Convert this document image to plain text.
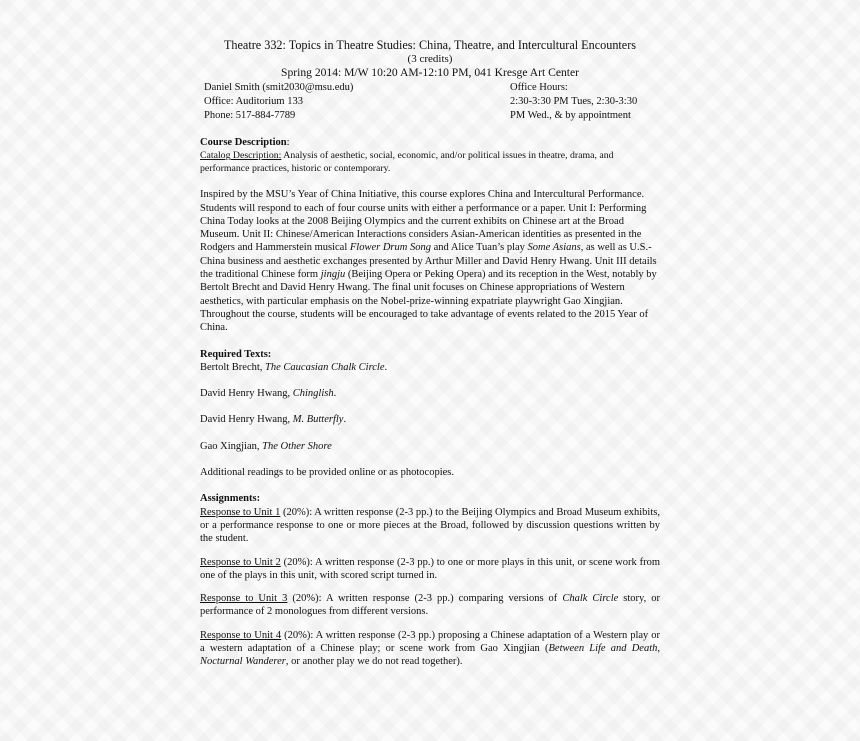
Theatre 332: Topics in Theatre Studies: China, Theatre, and Intercultural Encounters
(3 credits)
Spring 2014: M/W 10:20 AM-12:10 PM, 041 Kresge Art Center
Daniel Smith (smit2030@msu.edu)
Office: Auditorium 133
Phone: 517-884-7789
Office Hours:
2:30-3:30 PM Tues, 2:30-3:30
PM Wed., & by appointment
Course Description:

Catalog Description: Analysis of aesthetic, social, economic, and/or political issues in theatre, drama, and performance practices, historic or contemporary.

Inspired by the MSU’s Year of China Initiative, this course explores China and Intercultural Performance. Students will respond to each of four course units with either a performance or a paper. Unit I: Performing China Today looks at the 2008 Beijing Olympics and the current exhibits on Chinese art at the Broad Museum. Unit II: Chinese/American Interactions considers Asian-American identities as presented in the Rodgers and Hammerstein musical Flower Drum Song and Alice Tuan’s play Some Asians, as well as U.S.-China business and aesthetic exchanges presented by Arthur Miller and David Henry Hwang. Unit III details the traditional Chinese form jingju (Beijing Opera or Peking Opera) and its reception in the West, notably by Bertolt Brecht and David Henry Hwang. The final unit focuses on Chinese appropriations of Western aesthetics, with particular emphasis on the Nobel-prize-winning expatriate playwright Gao Xingjian. Throughout the course, students will be encouraged to take advantage of events related to the 2015 Year of China.

Required Texts:
Bertolt Brecht, The Caucasian Chalk Circle.
David Henry Hwang, Chinglish.
David Henry Hwang, M. Butterfly.
Gao Xingjian, The Other Shore
Additional readings to be provided online or as photocopies.
Assignments:

Response to Unit 1 (20%): A written response (2-3 pp.) to the Beijing Olympics and Broad Museum exhibits, or a performance response to one or more pieces at the Broad, followed by discussion questions written by the student.

Response to Unit 2 (20%): A written response (2-3 pp.) to one or more plays in this unit, or scene work from one of the plays in this unit, with scored script turned in.

Response to Unit 3 (20%): A written response (2-3 pp.) comparing versions of Chalk Circle story, or performance of 2 monologues from different versions.

Response to Unit 4 (20%): A written response (2-3 pp.) proposing a Chinese adaptation of a Western play or a western adaptation of a Chinese play; or scene work from Gao Xingjian (Between Life and Death, Nocturnal Wanderer, or another play we do not read together).
